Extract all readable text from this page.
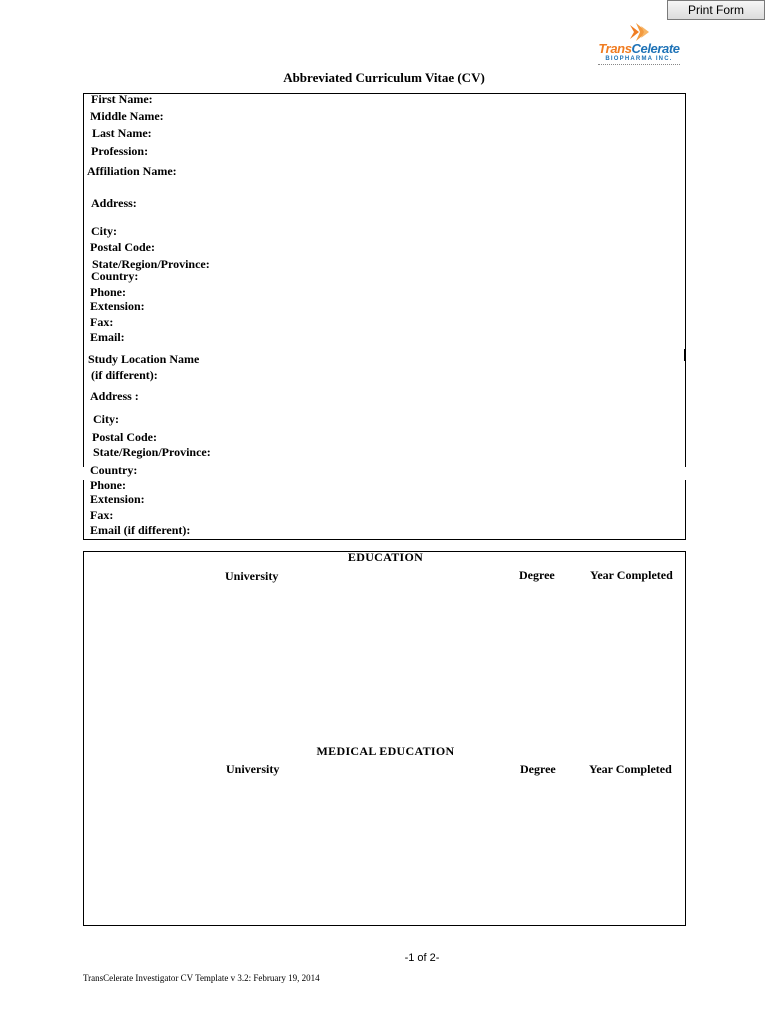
Print Form
TransCelerate
BIOPHARMA INC.
Abbreviated Curriculum Vitae (CV)
First Name:
Middle Name:
Last Name:
Profession:
Affiliation Name:
Address:
City:
Postal Code:
State/Region/Province:
Country:
Phone:
Extension:
Fax:
Email:
Study Location Name
(if different):
Address :
City:
Postal Code:
State/Region/Province:
Country:
Phone:
Extension:
Fax:
Email (if different):
EDUCATION
University	Degree	Year Completed
MEDICAL EDUCATION
University	Degree	Year Completed
-1 of 2-
TransCelerate Investigator CV Template v 3.2: February 19, 2014
